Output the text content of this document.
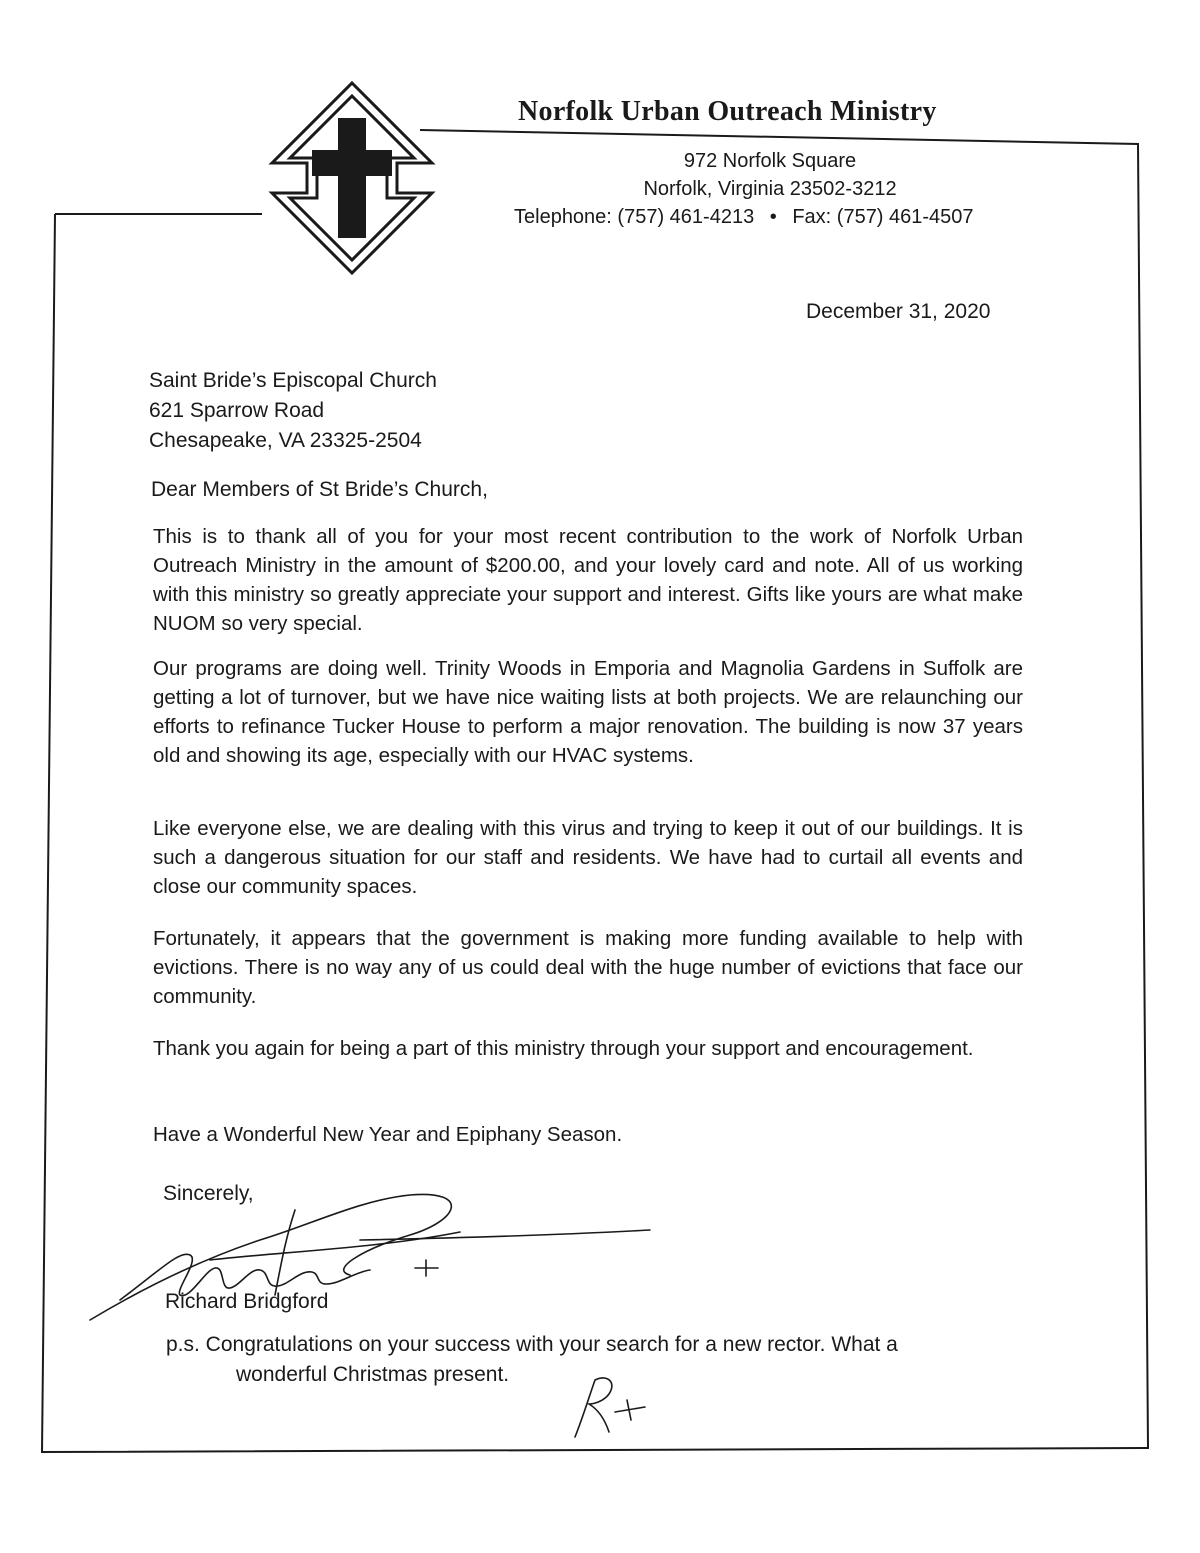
Norfolk Urban Outreach Ministry
972 Norfolk Square
Norfolk, Virginia 23502-3212
Telephone: (757) 461-4213 • Fax: (757) 461-4507
December 31, 2020
Saint Bride’s Episcopal Church
621 Sparrow Road
Chesapeake, VA 23325-2504
Dear Members of St Bride’s Church,
This is to thank all of you for your most recent contribution to the work of Norfolk Urban Outreach Ministry in the amount of $200.00, and your lovely card and note. All of us working with this ministry so greatly appreciate your support and interest. Gifts like yours are what make NUOM so very special.
Our programs are doing well. Trinity Woods in Emporia and Magnolia Gardens in Suffolk are getting a lot of turnover, but we have nice waiting lists at both projects. We are relaunching our efforts to refinance Tucker House to perform a major renovation. The building is now 37 years old and showing its age, especially with our HVAC systems.
Like everyone else, we are dealing with this virus and trying to keep it out of our buildings. It is such a dangerous situation for our staff and residents. We have had to curtail all events and close our community spaces.
Fortunately, it appears that the government is making more funding available to help with evictions. There is no way any of us could deal with the huge number of evictions that face our community.
Thank you again for being a part of this ministry through your support and encouragement.
Have a Wonderful New Year and Epiphany Season.
Sincerely,
Richard Bridgford
p.s. Congratulations on your success with your search for a new rector. What a
wonderful Christmas present.
